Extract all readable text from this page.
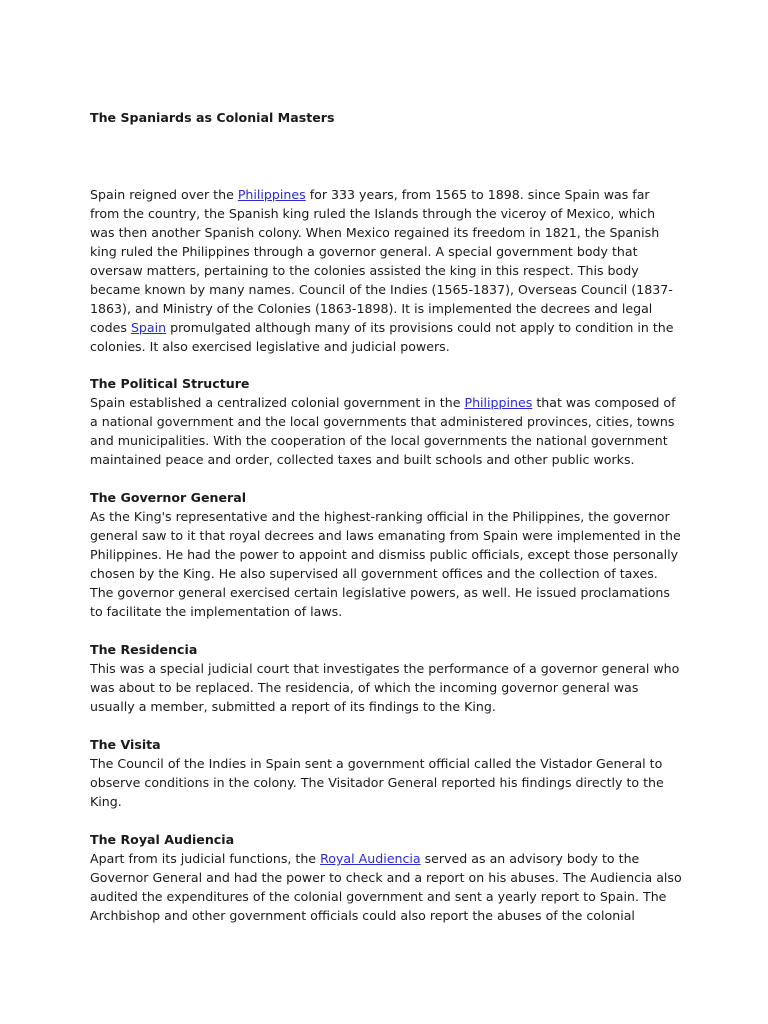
The Spaniards as Colonial Masters

Spain reigned over the Philippines for 333 years, from 1565 to 1898. since Spain was far from the country, the Spanish king ruled the Islands through the viceroy of Mexico, which was then another Spanish colony. When Mexico regained its freedom in 1821, the Spanish king ruled the Philippines through a governor general. A special government body that oversaw matters, pertaining to the colonies assisted the king in this respect. This body became known by many names. Council of the Indies (1565-1837), Overseas Council (1837-1863), and Ministry of the Colonies (1863-1898). It is implemented the decrees and legal codes Spain promulgated although many of its provisions could not apply to condition in the colonies. It also exercised legislative and judicial powers.

The Political Structure

Spain established a centralized colonial government in the Philippines that was composed of a national government and the local governments that administered provinces, cities, towns and municipalities. With the cooperation of the local governments the national government maintained peace and order, collected taxes and built schools and other public works.

The Governor General

As the King's representative and the highest-ranking official in the Philippines, the governor general saw to it that royal decrees and laws emanating from Spain were implemented in the Philippines. He had the power to appoint and dismiss public officials, except those personally chosen by the King. He also supervised all government offices and the collection of taxes. The governor general exercised certain legislative powers, as well. He issued proclamations to facilitate the implementation of laws.

The Residencia

This was a special judicial court that investigates the performance of a governor general who was about to be replaced. The residencia, of which the incoming governor general was usually a member, submitted a report of its findings to the King.

The Visita

The Council of the Indies in Spain sent a government official called the Vistador General to observe conditions in the colony. The Visitador General reported his findings directly to the King.

The Royal Audiencia

Apart from its judicial functions, the Royal Audiencia served as an advisory body to the Governor General and had the power to check and a report on his abuses. The Audiencia also audited the expenditures of the colonial government and sent a yearly report to Spain. The Archbishop and other government officials could also report the abuses of the colonial
